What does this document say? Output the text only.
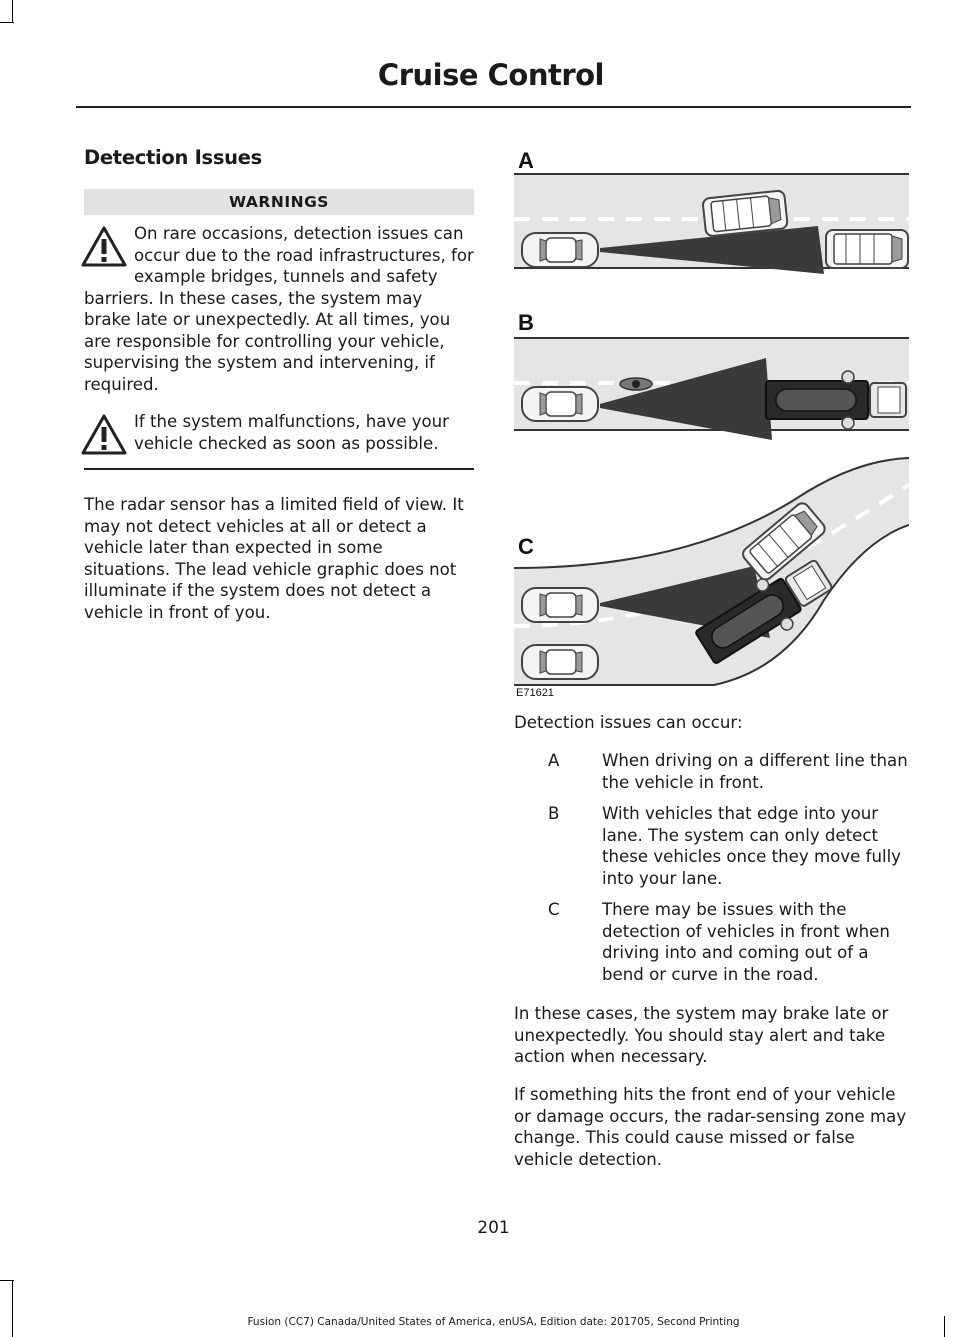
Cruise Control
Detection Issues
WARNINGS
On rare occasions, detection issues can occur due to the road infrastructures, for example bridges, tunnels and safety barriers. In these cases, the system may brake late or unexpectedly. At all times, you are responsible for controlling your vehicle, supervising the system and intervening, if required.
If the system malfunctions, have your vehicle checked as soon as possible.

The radar sensor has a limited field of view. It may not detect vehicles at all or detect a vehicle later than expected in some situations. The lead vehicle graphic does not illuminate if the system does not detect a vehicle in front of you.

A
B
C
E71621

Detection issues can occur:

A	When driving on a different line than the vehicle in front.
B	With vehicles that edge into your lane. The system can only detect these vehicles once they move fully into your lane.
C	There may be issues with the detection of vehicles in front when driving into and coming out of a bend or curve in the road.

In these cases, the system may brake late or unexpectedly. You should stay alert and take action when necessary.

If something hits the front end of your vehicle or damage occurs, the radar-sensing zone may change. This could cause missed or false vehicle detection.

201
Fusion (CC7) Canada/United States of America, enUSA, Edition date: 201705, Second Printing
